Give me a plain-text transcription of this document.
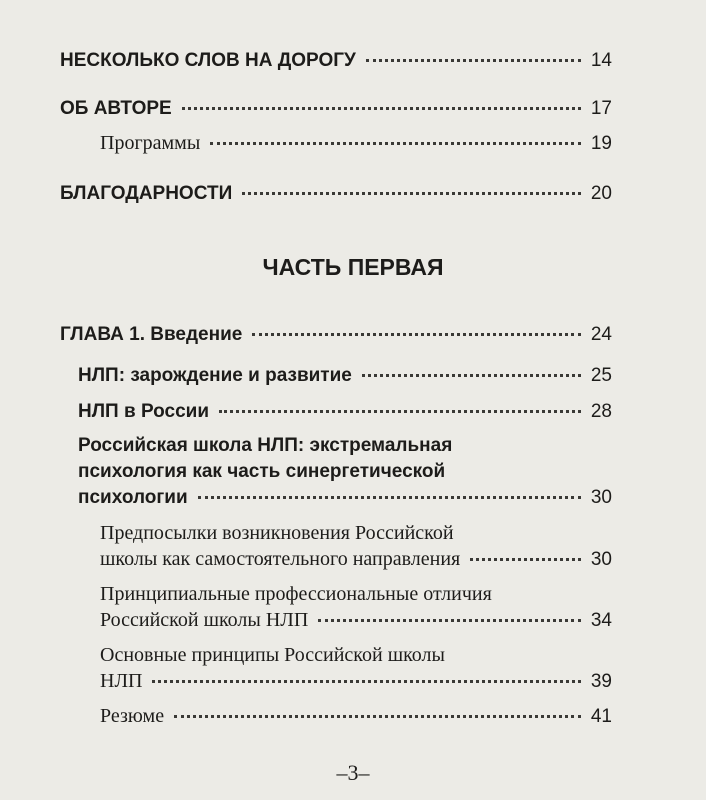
НЕСКОЛЬКО СЛОВ НА ДОРОГУ	14
ОБ АВТОРЕ	17
Программы	19
БЛАГОДАРНОСТИ	20
ЧАСТЬ ПЕРВАЯ
ГЛАВА 1. Введение	24
НЛП: зарождение и развитие	25
НЛП в России	28
Российская школа НЛП: экстремальная
психология как часть синергетической
психологии	30
Предпосылки возникновения Российской
школы как самостоятельного направления	30
Принципиальные профессиональные отличия
Российской школы НЛП	34
Основные принципы Российской школы
НЛП	39
Резюме	41
–3–
